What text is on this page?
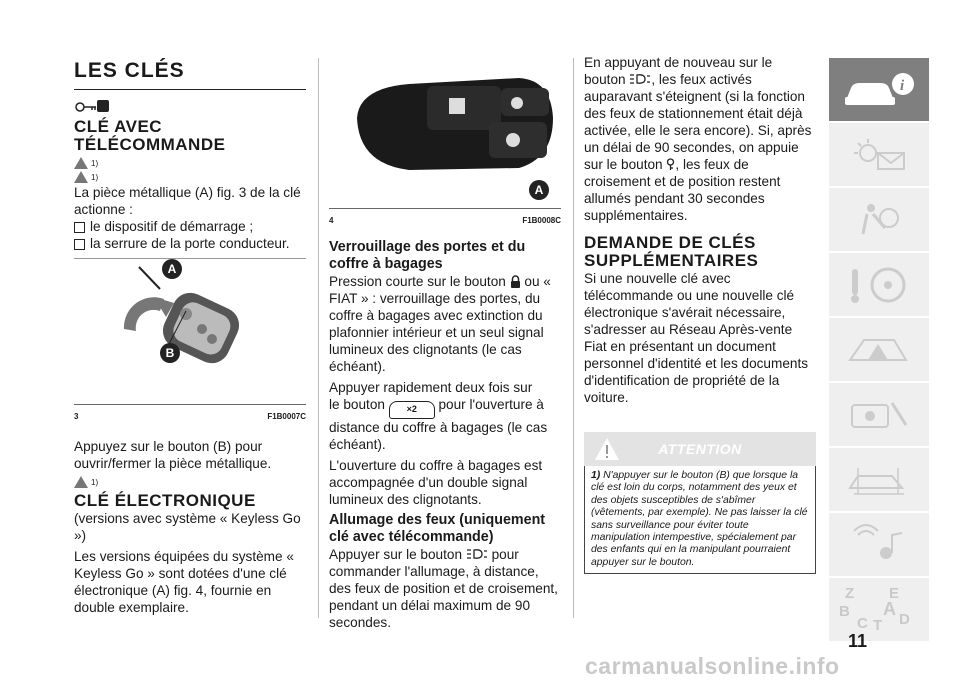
LES CLÉS
CLÉ AVEC TÉLÉCOMMANDE
1)
1)

La pièce métallique (A) fig. 3 de la clé actionne :

le dispositif de démarrage ;
la serrure de la porte conducteur.
A
B
3	F1B0007C

Appuyez sur le bouton (B) pour ouvrir/fermer la pièce métallique.

1)
CLÉ ÉLECTRONIQUE

(versions avec système « Keyless Go »)

Les versions équipées du système « Keyless Go » sont dotées d'une clé électronique (A) fig. 4, fournie en double exemplaire.

A
4	F1B0008C
Verrouillage des portes et du coffre à bagages

Pression courte sur le bouton ou « FIAT » : verrouillage des portes, du coffre à bagages avec extinction du plafonnier intérieur et un seul signal lumineux des clignotants (le cas échéant).

Appuyer rapidement deux fois sur

le bouton ×2 pour l'ouverture à distance du coffre à bagages (le cas échéant).

L'ouverture du coffre à bagages est accompagnée d'un double signal lumineux des clignotants.

Allumage des feux (uniquement clé avec télécommande)

Appuyer sur le bouton pour commander l'allumage, à distance, des feux de position et de croisement, pendant un délai maximum de 90 secondes.

En appuyant de nouveau sur le bouton , les feux activés auparavant s'éteignent (si la fonction des feux de stationnement était déjà activée, elle le sera encore). Si, après un délai de 90 secondes, on appuie sur le bouton , les feux de croisement et de position restent allumés pendant 30 secondes supplémentaires.

DEMANDE DE CLÉS SUPPLÉMENTAIRES

Si une nouvelle clé avec télécommande ou une nouvelle clé électronique s'avérait nécessaire, s'adresser au Réseau Après-vente Fiat en présentant un document personnel d'identité et les documents d'identification de propriété de la voiture.

ATTENTION
1) N'appuyer sur le bouton (B) que lorsque la clé est loin du corps, notamment des yeux et des objets susceptibles de s'abîmer (vêtements, par exemple). Ne pas laisser la clé sans surveillance pour éviter toute manipulation intempestive, spécialement par des enfants qui en la manipulant pourraient appuyer sur le bouton.
i
Z E
B A
C T D
11
carmanualsonline.info
